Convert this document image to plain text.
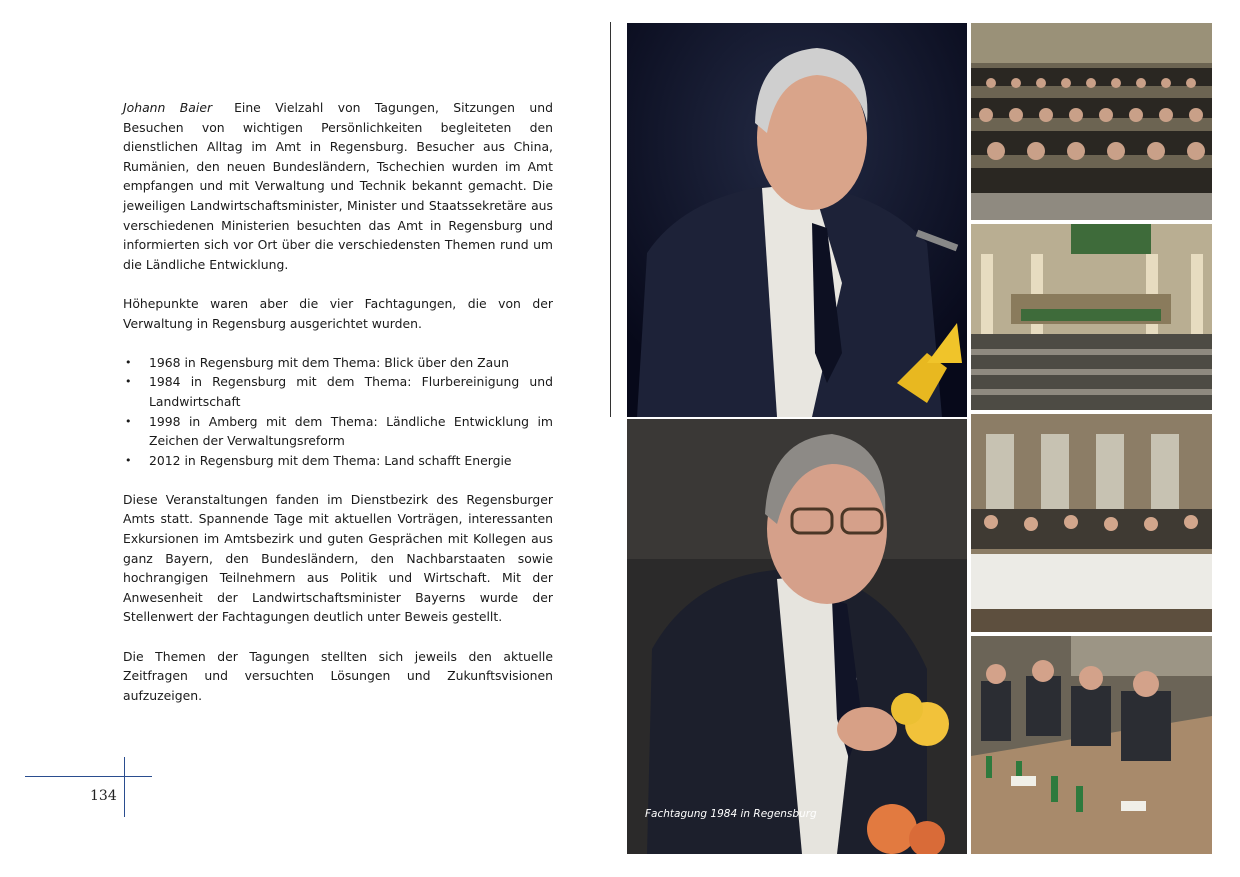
Johann Baier Eine Vielzahl von Tagungen, Sitzungen und Besuchen von wichtigen Persönlichkeiten begleiteten den dienstlichen Alltag im Amt in Regensburg. Besucher aus China, Rumänien, den neuen Bundesländern, Tschechien wurden im Amt empfangen und mit Verwaltung und Technik bekannt gemacht. Die jeweiligen Landwirtschaftsminister, Minister und Staatssekretäre aus verschiedenen Ministerien besuchten das Amt in Regensburg und informierten sich vor Ort über die verschiedensten Themen rund um die Ländliche Entwicklung.

Höhepunkte waren aber die vier Fachtagungen, die von der Verwaltung in Regensburg ausgerichtet wurden.

• 1968 in Regensburg mit dem Thema: Blick über den Zaun
• 1984 in Regensburg mit dem Thema: Flurbereinigung und Landwirtschaft
• 1998 in Amberg mit dem Thema: Ländliche Entwicklung im Zeichen der Verwaltungsreform
• 2012 in Regensburg mit dem Thema: Land schafft Energie

Diese Veranstaltungen fanden im Dienstbezirk des Regensburger Amts statt. Spannende Tage mit aktuellen Vorträgen, interessanten Exkursionen im Amtsbezirk und guten Gesprächen mit Kollegen aus ganz Bayern, den Bundesländern, den Nachbarstaaten sowie hochrangigen Teilnehmern aus Politik und Wirtschaft. Mit der Anwesenheit der Landwirtschaftsminister Bayerns wurde der Stellenwert der Fachtagungen deutlich unter Beweis gestellt.

Die Themen der Tagungen stellten sich jeweils den aktuelle Zeitfragen und versuchten Lösungen und Zukunftsvisionen aufzuzeigen.

134
Fachtagung 1984 in Regensburg
